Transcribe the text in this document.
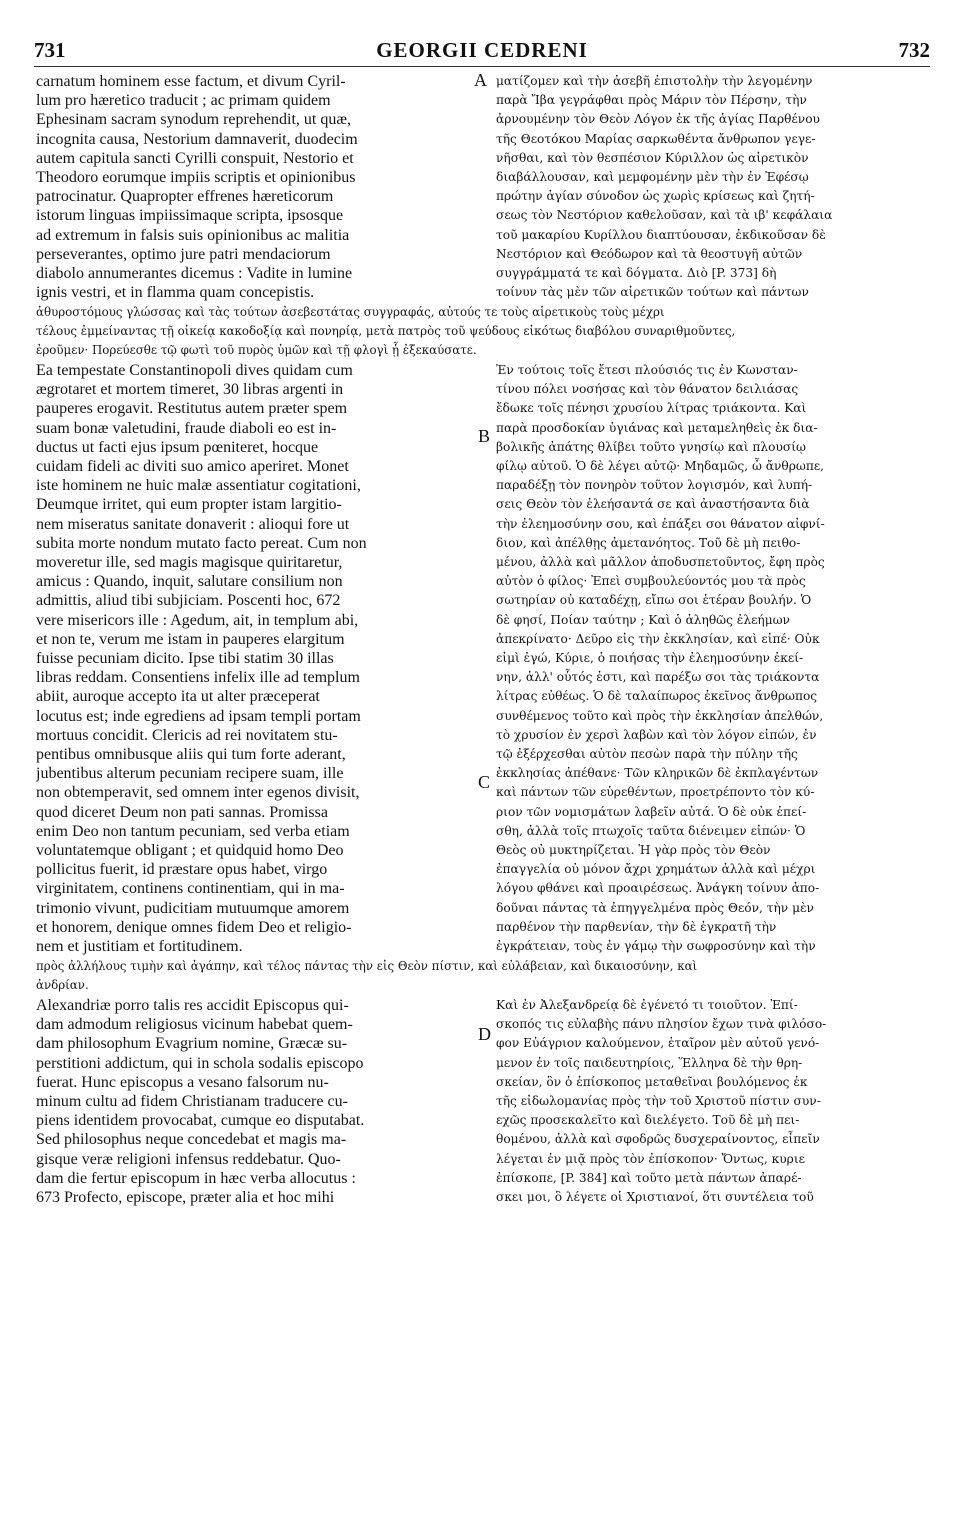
GEORGII CEDRENI
731	732
A
B
C
D

carnatum hominem esse factum, et divum Cyril-

lum pro hæretico traducit ; ac primam quidem

Ephesinam sacram synodum reprehendit, ut quæ,

incognita causa, Nestorium damnaverit, duodecim

autem capitula sancti Cyrilli conspuit, Nestorio et

Theodoro eorumque impiis scriptis et opinionibus

patrocinatur. Quapropter effrenes hæreticorum

istorum linguas impiissimaque scripta, ipsosque

ad extremum in falsis suis opinionibus ac malitia

perseverantes, optimo jure patri mendaciorum

diabolo annumerantes dicemus : Vadite in lumine

ignis vestri, et in flamma quam concepistis.

ματίζομεν καὶ τὴν ἀσεβῆ ἐπιστολὴν τὴν λεγομένην

παρὰ Ἴβα γεγράφθαι πρὸς Μάριν τὸν Πέρσην, τὴν

ἀρνουμένην τὸν Θεὸν Λόγον ἐκ τῆς ἁγίας Παρθένου

τῆς Θεοτόκου Μαρίας σαρκωθέντα ἄνθρωπον γεγε-

νῆσθαι, καὶ τὸν θεσπέσιον Κύριλλον ὡς αἱρετικὸν

διαβάλλουσαν, καὶ μεμφομένην μὲν τὴν ἐν Ἐφέσῳ

πρώτην ἁγίαν σύνοδον ὡς χωρὶς κρίσεως καὶ ζητή-

σεως τὸν Νεστόριον καθελοῦσαν, καὶ τὰ ιβ' κεφάλαια

τοῦ μακαρίου Κυρίλλου διαπτύουσαν, ἐκδικοῦσαν δὲ

Νεστόριον καὶ Θεόδωρον καὶ τὰ θεοστυγῆ αὐτῶν

συγγράμματά τε καὶ δόγματα. Διὸ [P. 373] δὴ

τοίνυν τὰς μὲν τῶν αἱρετικῶν τούτων καὶ πάντων

ἀθυροστόμους γλώσσας καὶ τὰς τούτων ἀσεβεστάτας συγγραφάς, αὐτούς τε τοὺς αἱρετικοὺς τοὺς μέχρι

τέλους ἐμμείναντας τῇ οἰκείᾳ κακοδοξίᾳ καὶ πονηρίᾳ, μετὰ πατρὸς τοῦ ψεύδους εἰκότως διαβόλου συναριθμοῦντες,

ἐροῦμεν· Πορεύεσθε τῷ φωτὶ τοῦ πυρὸς ὑμῶν καὶ τῇ φλογὶ ᾗ ἐξεκαύσατε.

Ea tempestate Constantinopoli dives quidam cum

ægrotaret et mortem timeret, 30 libras argenti in

pauperes erogavit. Restitutus autem præter spem

suam bonæ valetudini, fraude diaboli eo est in-

ductus ut facti ejus ipsum pœniteret, hocque

cuidam fideli ac diviti suo amico aperiret. Monet

iste hominem ne huic malæ assentiatur cogitationi,

Deumque irritet, qui eum propter istam largitio-

nem miseratus sanitate donaverit : alioqui fore ut

subita morte nondum mutato facto pereat. Cum non

moveretur ille, sed magis magisque quiritaretur,

amicus : Quando, inquit, salutare consilium non

admittis, aliud tibi subjiciam. Poscenti hoc, 672

vere misericors ille : Agedum, ait, in templum abi,

et non te, verum me istam in pauperes elargitum

fuisse pecuniam dicito. Ipse tibi statim 30 illas

libras reddam. Consentiens infelix ille ad templum

abiit, auroque accepto ita ut alter præceperat

locutus est; inde egrediens ad ipsam templi portam

mortuus concidit. Clericis ad rei novitatem stu-

pentibus omnibusque aliis qui tum forte aderant,

jubentibus alterum pecuniam recipere suam, ille

non obtemperavit, sed omnem inter egenos divisit,

quod diceret Deum non pati sannas. Promissa

enim Deo non tantum pecuniam, sed verba etiam

voluntatemque obligant ; et quidquid homo Deo

pollicitus fuerit, id præstare opus habet, virgo

virginitatem, continens continentiam, qui in ma-

trimonio vivunt, pudicitiam mutuumque amorem

et honorem, denique omnes fidem Deo et religio-

nem et justitiam et fortitudinem.

Ἐν τούτοις τοῖς ἔτεσι πλούσιός τις ἐν Κωνσταν-

τίνου πόλει νοσήσας καὶ τὸν θάνατον δειλιάσας

ἔδωκε τοῖς πένησι χρυσίου λίτρας τριάκοντα. Καὶ

παρὰ προσδοκίαν ὑγιάνας καὶ μεταμεληθεὶς ἐκ δια-

βολικῆς ἀπάτης θλίβει τοῦτο γνησίῳ καὶ πλουσίῳ

φίλῳ αὐτοῦ. Ὁ δὲ λέγει αὐτῷ· Μηδαμῶς, ὦ ἄνθρωπε,

παραδέξῃ τὸν πονηρὸν τοῦτον λογισμόν, καὶ λυπή-

σεις Θεὸν τὸν ἐλεήσαντά σε καὶ ἀναστήσαντα διὰ

τὴν ἐλεημοσύνην σου, καὶ ἐπάξει σοι θάνατον αἰφνί-

διον, καὶ ἀπέλθῃς ἀμετανόητος. Τοῦ δὲ μὴ πειθο-

μένου, ἀλλὰ καὶ μᾶλλον ἀποδυσπετοῦντος, ἔφη πρὸς

αὐτὸν ὁ φίλος· Ἐπεὶ συμβουλεύοντός μου τὰ πρὸς

σωτηρίαν οὐ καταδέχῃ, εἴπω σοι ἑτέραν βουλήν. Ὁ

δὲ φησί, Ποίαν ταύτην ; Καὶ ὁ ἀληθῶς ἐλεήμων

ἀπεκρίνατο· Δεῦρο εἰς τὴν ἐκκλησίαν, καὶ εἰπέ· Οὐκ

εἰμὶ ἐγώ, Κύριε, ὁ ποιήσας τὴν ἐλεημοσύνην ἐκεί-

νην, ἀλλ' οὗτός ἐστι, καὶ παρέξω σοι τὰς τριάκοντα

λίτρας εὐθέως. Ὁ δὲ ταλαίπωρος ἐκεῖνος ἄνθρωπος

συνθέμενος τοῦτο καὶ πρὸς τὴν ἐκκλησίαν ἀπελθών,

τὸ χρυσίον ἐν χερσὶ λαβὼν καὶ τὸν λόγον εἰπών, ἐν

τῷ ἐξέρχεσθαι αὐτὸν πεσὼν παρὰ τὴν πύλην τῆς

ἐκκλησίας ἀπέθανε· Τῶν κληρικῶν δὲ ἐκπλαγέντων

καὶ πάντων τῶν εὑρεθέντων, προετρέποντο τὸν κύ-

ριον τῶν νομισμάτων λαβεῖν αὐτά. Ὁ δὲ οὐκ ἐπεί-

σθη, ἀλλὰ τοῖς πτωχοῖς ταῦτα διένειμεν εἰπών· Ὁ

Θεὸς οὐ μυκτηρίζεται. Ἡ γὰρ πρὸς τὸν Θεὸν

ἐπαγγελία οὐ μόνον ἄχρι χρημάτων ἀλλὰ καὶ μέχρι

λόγου φθάνει καὶ προαιρέσεως. Ἀνάγκη τοίνυν ἀπο-

δοῦναι πάντας τὰ ἐπηγγελμένα πρὸς Θεόν, τὴν μὲν

παρθένον τὴν παρθενίαν, τὴν δὲ ἐγκρατῆ τὴν

ἐγκράτειαν, τοὺς ἐν γάμῳ τὴν σωφροσύνην καὶ τὴν

πρὸς ἀλλήλους τιμὴν καὶ ἀγάπην, καὶ τέλος πάντας τὴν εἰς Θεὸν πίστιν, καὶ εὐλάβειαν, καὶ δικαιοσύνην, καὶ

ἀνδρίαν.

Alexandriæ porro talis res accidit Episcopus qui-

dam admodum religiosus vicinum habebat quem-

dam philosophum Evagrium nomine, Græcæ su-

perstitioni addictum, qui in schola sodalis episcopo

fuerat. Hunc episcopus a vesano falsorum nu-

minum cultu ad fidem Christianam traducere cu-

piens identidem provocabat, cumque eo disputabat.

Sed philosophus neque concedebat et magis ma-

gisque veræ religioni infensus reddebatur. Quo-

dam die fertur episcopum in hæc verba allocutus :

673 Profecto, episcope, præter alia et hoc mihi

Καὶ ἐν Ἀλεξανδρείᾳ δὲ ἐγένετό τι τοιοῦτον. Ἐπί-

σκοπός τις εὐλαβὴς πάνυ πλησίον ἔχων τινὰ φιλόσο-

φον Εὐάγριον καλούμενον, ἑταῖρον μὲν αὐτοῦ γενό-

μενον ἐν τοῖς παιδευτηρίοις, Ἕλληνα δὲ τὴν θρη-

σκείαν, ὃν ὁ ἐπίσκοπος μεταθεῖναι βουλόμενος ἐκ

τῆς εἰδωλομανίας πρὸς τὴν τοῦ Χριστοῦ πίστιν συν-

εχῶς προσεκαλεῖτο καὶ διελέγετο. Τοῦ δὲ μὴ πει-

θομένου, ἀλλὰ καὶ σφοδρῶς δυσχεραίνοντος, εἶπεῖν

λέγεται ἐν μιᾷ πρὸς τὸν ἐπίσκοπον· Ὄντως, κυριε

ἐπίσκοπε, [P. 384] καὶ τοῦτο μετὰ πάντων ἀπαρέ-

σκει μοι, ὃ λέγετε οἱ Χριστιανοί, ὅτι συντέλεια τοῦ
